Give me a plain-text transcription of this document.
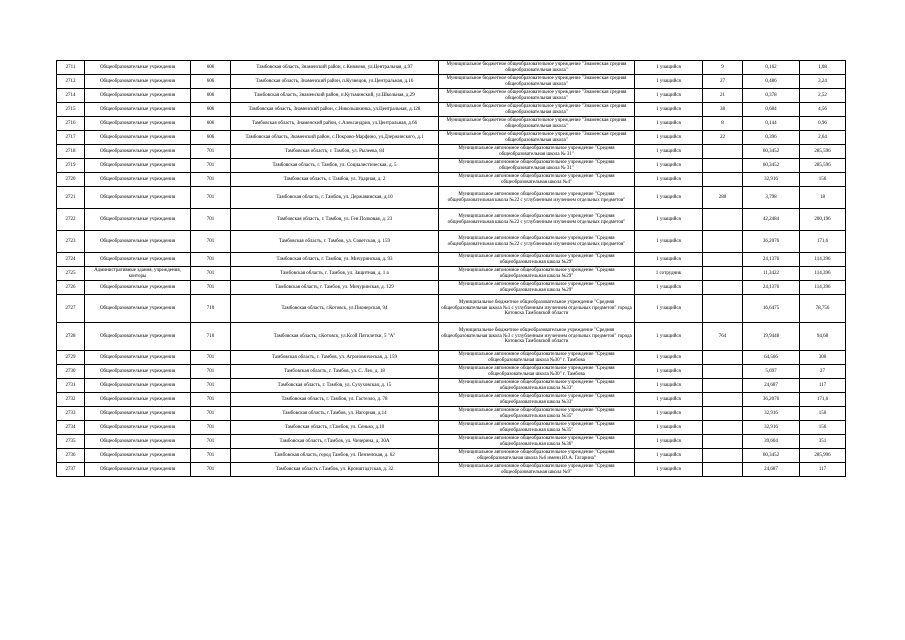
2711	Общеобразовательные учреждения	606	Тамбовская область, Знаменский район, с.Княжево, ул.Центральная, д.97	Муниципальное бюджетное общеобразовательное учреждение "Знаменская средняя общеобразовательная школа"	1 учащийся	9	0,162	1,08
2712	Общеобразовательные учреждения	606	Тамбовская область, Знаменский район, п.Кузнецов, ул.Центральная, д.16	Муниципальное бюджетное общеобразовательное учреждение "Знаменская средняя общеобразовательная школа"	1 учащийся	27	0,486	3,24
2714	Общеобразовательные учреждения	606	Тамбовская область, Знаменский район, п.Кутьминский, ул.Школьная, д.29	Муниципальное бюджетное общеобразовательное учреждение "Знаменская средняя общеобразовательная школа"	1 учащийся	21	0,378	2,52
2715	Общеобразовательные учреждения	606	Тамбовская область, Знаменский район, с.Никольшкинка, ул.Центральная, д.128	Муниципальное бюджетное общеобразовательное учреждение "Знаменская средняя общеобразовательная школа"	1 учащийся	38	0,684	4,56
2716	Общеобразовательные учреждения	606	Тамбовская область, Знаменский район, с.Александрия, ул.Центральная, д.66	Муниципальное бюджетное общеобразовательное учреждение "Знаменская средняя общеобразовательная школа"	1 учащийся	8	0,144	0,96
2717	Общеобразовательные учреждения	606	Тамбовская область, Знаменский район, с.Покрово-Марфино, ул.Дзержинского, д.1	Муниципальное бюджетное общеобразовательное учреждение "Знаменская средняя общеобразовательная школа"	1 учащийся	22	0,396	2,64
2718	Общеобразовательные учреждения	701	Тамбовская область, г. Тамбов, ул. Рылеева, 84	Муниципальное автономное общеобразовательное учреждение "Средняя общеобразовательная школа № 31"	1 учащийся		60,3452	285,596
2719	Общеобразовательные учреждения	701	Тамбовская область, г. Тамбов, ул. Социалистическая, д. 5	Муниципальное автономное общеобразовательное учреждение "Средняя общеобразовательная школа № 31"	1 учащийся		60,3452	285,596
2720	Общеобразовательные учреждения	701	Тамбовская область, г. Тамбов, ул. Ударная, д. 2	Муниципальное автономное общеобразовательное учреждение "Средняя общеобразовательная школа №4"	1 учащийся		32,916	156
2721	Общеобразовательные учреждения	701	Тамбовская область, г. Тамбов, ул. Державинская, д.10	Муниципальное автономное общеобразовательное учреждение "Средняя общеобразовательная школа №22 с углубленным изучением отдельных предметов"	1 учащийся	280	3,798	18
2722	Общеобразовательные учреждения	701	Тамбовская область, г. Тамбов, ул. Ген.Полковая, д. 23	Муниципальное автономное общеобразовательное учреждение "Средняя общеобразовательная школа №22 с углубленным изучением отдельных предметов"	1 учащийся		42,2484	200,196
2723	Общеобразовательные учреждения	701	Тамбовская область, г. Тамбов, ул. Советская, д. 159	Муниципальное автономное общеобразовательное учреждение "Средняя общеобразовательная школа №22 с углубленным изучением отдельных предметов"	1 учащийся		36,2076	171,6
2724	Общеобразовательные учреждения	701	Тамбовская область, г. Тамбов, ул. Мичуринская, д. 93	Муниципальное автономное общеобразовательное учреждение "Средняя общеобразовательная школа №29"	1 учащийся		24,1376	114,396
2725	Административные здания, учреждения, конторы	701	Тамбовская область, г. Тамбов, ул. Защитная, д. 1 а	Муниципальное автономное общеобразовательное учреждение "Средняя общеобразовательная школа №29"	1 сотрудник		11,3422	114,396
2726	Общеобразовательные учреждения	701	Тамбовская область, г. Тамбов, ул. Мичуринская, д. 129	Муниципальное автономное общеобразовательное учреждение "Средняя общеобразовательная школа №29"	1 учащийся		24,1376	114,396
2727	Общеобразовательные учреждения	710	Тамбовская область, г.Котовск, ул.Пионерская, 94	Муниципальное бюджетное общеобразовательное учреждение "Средняя общеобразовательная школа №1 с углубленным изучением отдельных предметов" города Котовска Тамбовской области	1 учащийся		16,6475	78,756
2728	Общеобразовательные учреждения	710	Тамбовская область, г.Котовск, ул.Ксой Пятилетки, 5 "А"	Муниципальное бюджетное общеобразовательное учреждение "Средняя общеобразовательная школа №3 с углубленным изучением отдельных предметов" города Котовска Тамбовской области	1 учащийся	764	19,9448	94,68
2729	Общеобразовательные учреждения	701	Тамбовская область, г. Тамбов, ул. Агрономическая, д. 159	Муниципальное автономное общеобразовательное учреждение "Средняя общеобразовательная школа №30" г. Тамбова	1 учащийся		64,566	306
2730	Общеобразовательные учреждения	701	Тамбовская область, г. Тамбов, ул. С. Лео, д. 18	Муниципальное автономное общеобразовательное учреждение "Средняя общеобразовательная школа №30" г. Тамбова	1 учащийся		5,697	27
2731	Общеобразовательные учреждения	701	Тамбовская область, г. Тамбов, ул. Сухуховская, д. 15	Муниципальное автономное общеобразовательное учреждение "Средняя общеобразовательная школа №33"	1 учащийся		24,687	117
2732	Общеобразовательные учреждения	701	Тамбовская область, г. Тамбов, ул. Гастелло, д. 78	Муниципальное автономное общеобразовательное учреждение "Средняя общеобразовательная школа №33"	1 учащийся		36,2076	171,6
2733	Общеобразовательные учреждения	701	Тамбовская область, г.Тамбов, ул. Нагорная, д.14	Муниципальное автономное общеобразовательное учреждение "Средняя общеобразовательная школа №35"	1 учащийся		32,916	156
2734	Общеобразовательные учреждения	701	Тамбовская область, г.Тамбов, ул. Сенько, д.10	Муниципальное автономное общеобразовательное учреждение "Средняя общеобразовательная школа №35"	1 учащийся		32,916	156
2735	Общеобразовательные учреждения	701	Тамбовская область, г.Тамбов, ул. Чичерина, д. 30А	Муниципальное автономное общеобразовательное учреждение "Средняя общеобразовательная школа №36"	1 учащийся		39,604	351
2736	Общеобразовательные учреждения	701	Тамбовская область, город Тамбов, ул. Пензенская, д. 62	Муниципальное автономное общеобразовательное учреждение "Средняя общеобразовательная школа №6 имени Ю.А. Гагарина"	1 учащийся		60,3452	285,996
2737	Общеобразовательные учреждения	701	Тамбовская область г.Тамбов, ул. Кронштадтская, д. 32	Муниципальное автономное общеобразовательное учреждение "Средняя общеобразовательная школа №9"	1 учащийся		24,687	117
